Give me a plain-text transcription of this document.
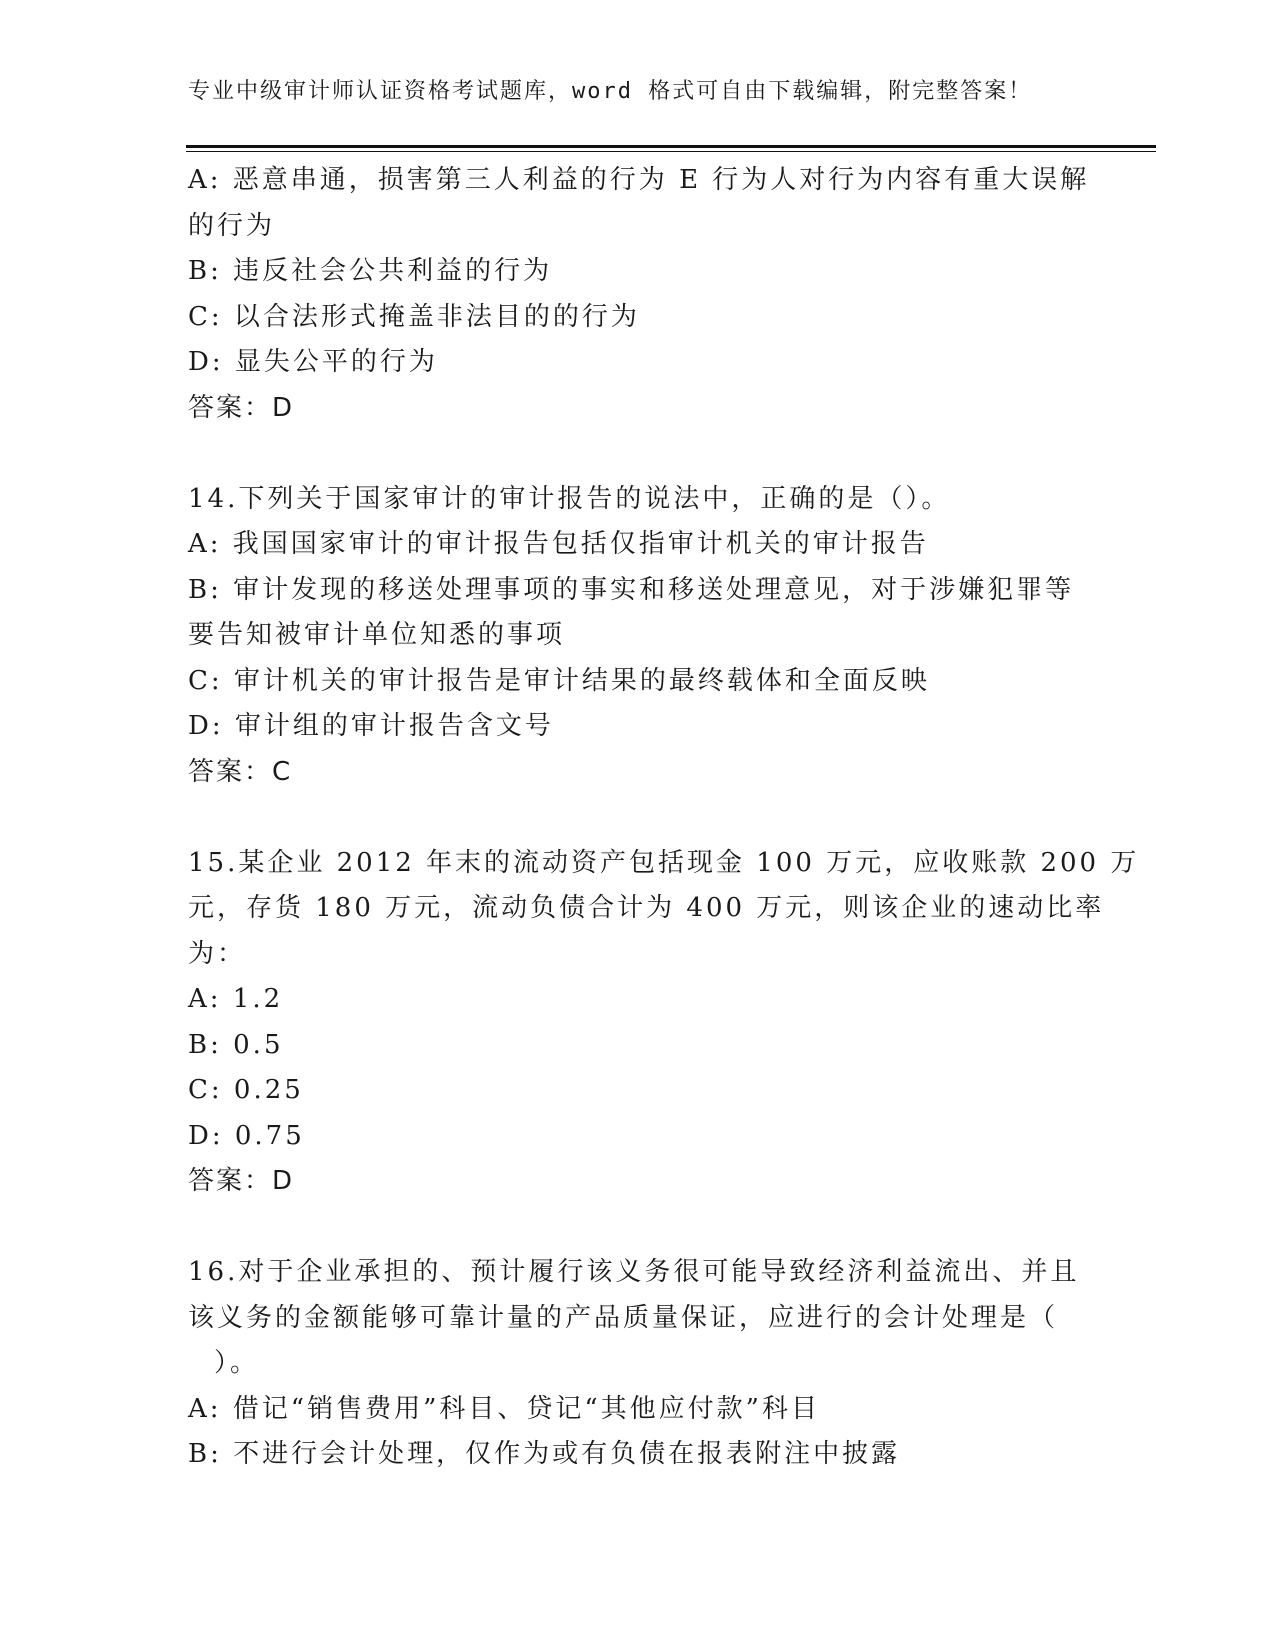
专业中级审计师认证资格考试题库，word 格式可自由下载编辑，附完整答案！
A: 恶意串通，损害第三人利益的行为 E 行为人对行为内容有重大误解
的行为
B: 违反社会公共利益的行为
C: 以合法形式掩盖非法目的的行为
D: 显失公平的行为
答案：D
14.下列关于国家审计的审计报告的说法中，正确的是（）。
A: 我国国家审计的审计报告包括仅指审计机关的审计报告
B: 审计发现的移送处理事项的事实和移送处理意见，对于涉嫌犯罪等
要告知被审计单位知悉的事项
C: 审计机关的审计报告是审计结果的最终载体和全面反映
D: 审计组的审计报告含文号
答案：C
15.某企业 2012 年末的流动资产包括现金 100 万元，应收账款 200 万
元，存货 180 万元，流动负债合计为 400 万元，则该企业的速动比率
为：
A: 1.2
B: 0.5
C: 0.25
D: 0.75
答案：D
16.对于企业承担的、预计履行该义务很可能导致经济利益流出、并且
该义务的金额能够可靠计量的产品质量保证，应进行的会计处理是（
）。
A: 借记“销售费用”科目、贷记“其他应付款”科目
B: 不进行会计处理，仅作为或有负债在报表附注中披露
